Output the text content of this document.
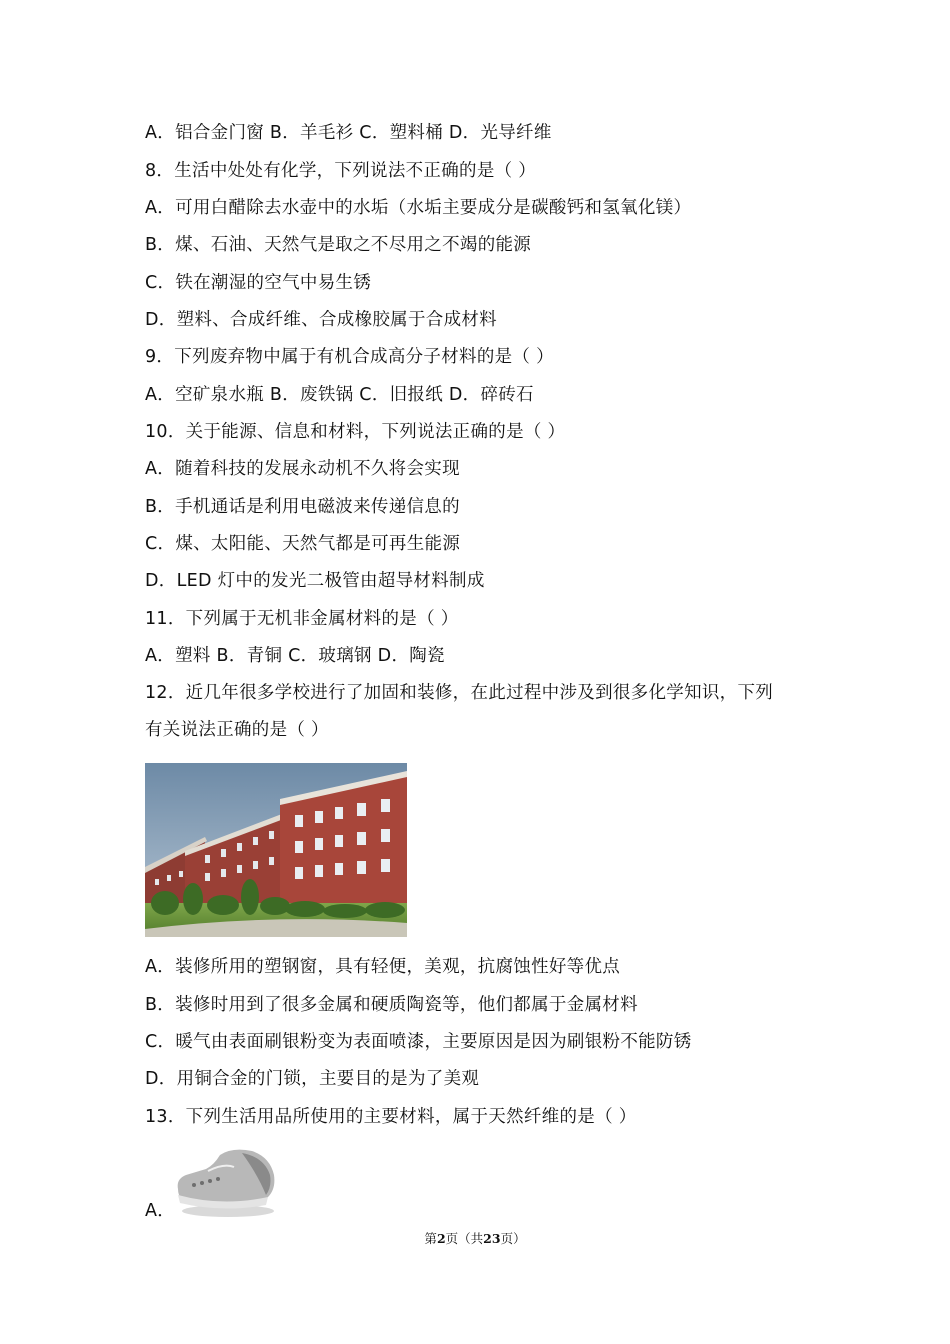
A．铝合金门窗 B．羊毛衫 C．塑料桶 D．光导纤维
8．生活中处处有化学，下列说法不正确的是（ ）
A．可用白醋除去水壶中的水垢（水垢主要成分是碳酸钙和氢氧化镁）
B．煤、石油、天然气是取之不尽用之不竭的能源
C．铁在潮湿的空气中易生锈
D．塑料、合成纤维、合成橡胶属于合成材料
9．下列废弃物中属于有机合成高分子材料的是（ ）
A．空矿泉水瓶 B．废铁锅 C．旧报纸 D．碎砖石
10．关于能源、信息和材料，下列说法正确的是（ ）
A．随着科技的发展永动机不久将会实现
B．手机通话是利用电磁波来传递信息的
C．煤、太阳能、天然气都是可再生能源
D．LED 灯中的发光二极管由超导材料制成
11．下列属于无机非金属材料的是（ ）
A．塑料 B．青铜 C．玻璃钢 D．陶瓷
12．近几年很多学校进行了加固和装修，在此过程中涉及到很多化学知识，下列
有关说法正确的是（ ）
A．装修所用的塑钢窗，具有轻便，美观，抗腐蚀性好等优点
B．装修时用到了很多金属和硬质陶瓷等，他们都属于金属材料
C．暖气由表面刷银粉变为表面喷漆，主要原因是因为刷银粉不能防锈
D．用铜合金的门锁，主要目的是为了美观
13．下列生活用品所使用的主要材料，属于天然纤维的是（ ）
A．
第2页（共23页）
